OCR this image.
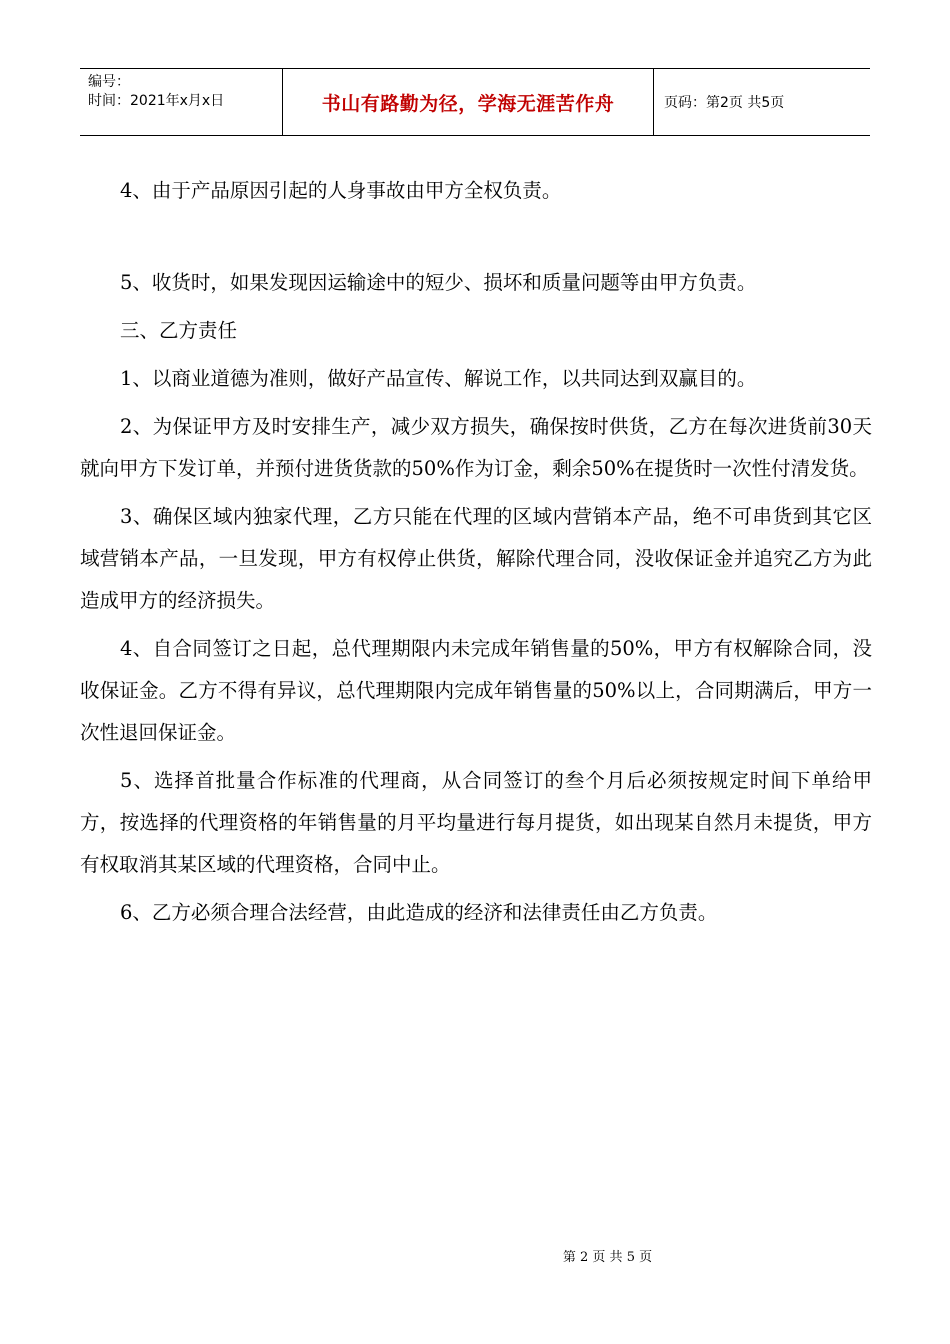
编号：
时间：2021年x月x日	书山有路勤为径，学海无涯苦作舟	页码：第2页 共5页

4、由于产品原因引起的人身事故由甲方全权负责。

5、收货时，如果发现因运输途中的短少、损坏和质量问题等由甲方负责。

三、乙方责任

1、以商业道德为准则，做好产品宣传、解说工作，以共同达到双赢目的。

2、为保证甲方及时安排生产，减少双方损失，确保按时供货，乙方在每次进货前30天就向甲方下发订单，并预付进货货款的50%作为订金，剩余50%在提货时一次性付清发货。

3、确保区域内独家代理，乙方只能在代理的区域内营销本产品，绝不可串货到其它区域营销本产品，一旦发现，甲方有权停止供货，解除代理合同，没收保证金并追究乙方为此造成甲方的经济损失。

4、自合同签订之日起，总代理期限内未完成年销售量的50%，甲方有权解除合同，没收保证金。乙方不得有异议，总代理期限内完成年销售量的50%以上，合同期满后，甲方一次性退回保证金。

5、选择首批量合作标准的代理商，从合同签订的叁个月后必须按规定时间下单给甲方，按选择的代理资格的年销售量的月平均量进行每月提货，如出现某自然月未提货，甲方有权取消其某区域的代理资格，合同中止。

6、乙方必须合理合法经营，由此造成的经济和法律责任由乙方负责。

第 2 页 共 5 页
